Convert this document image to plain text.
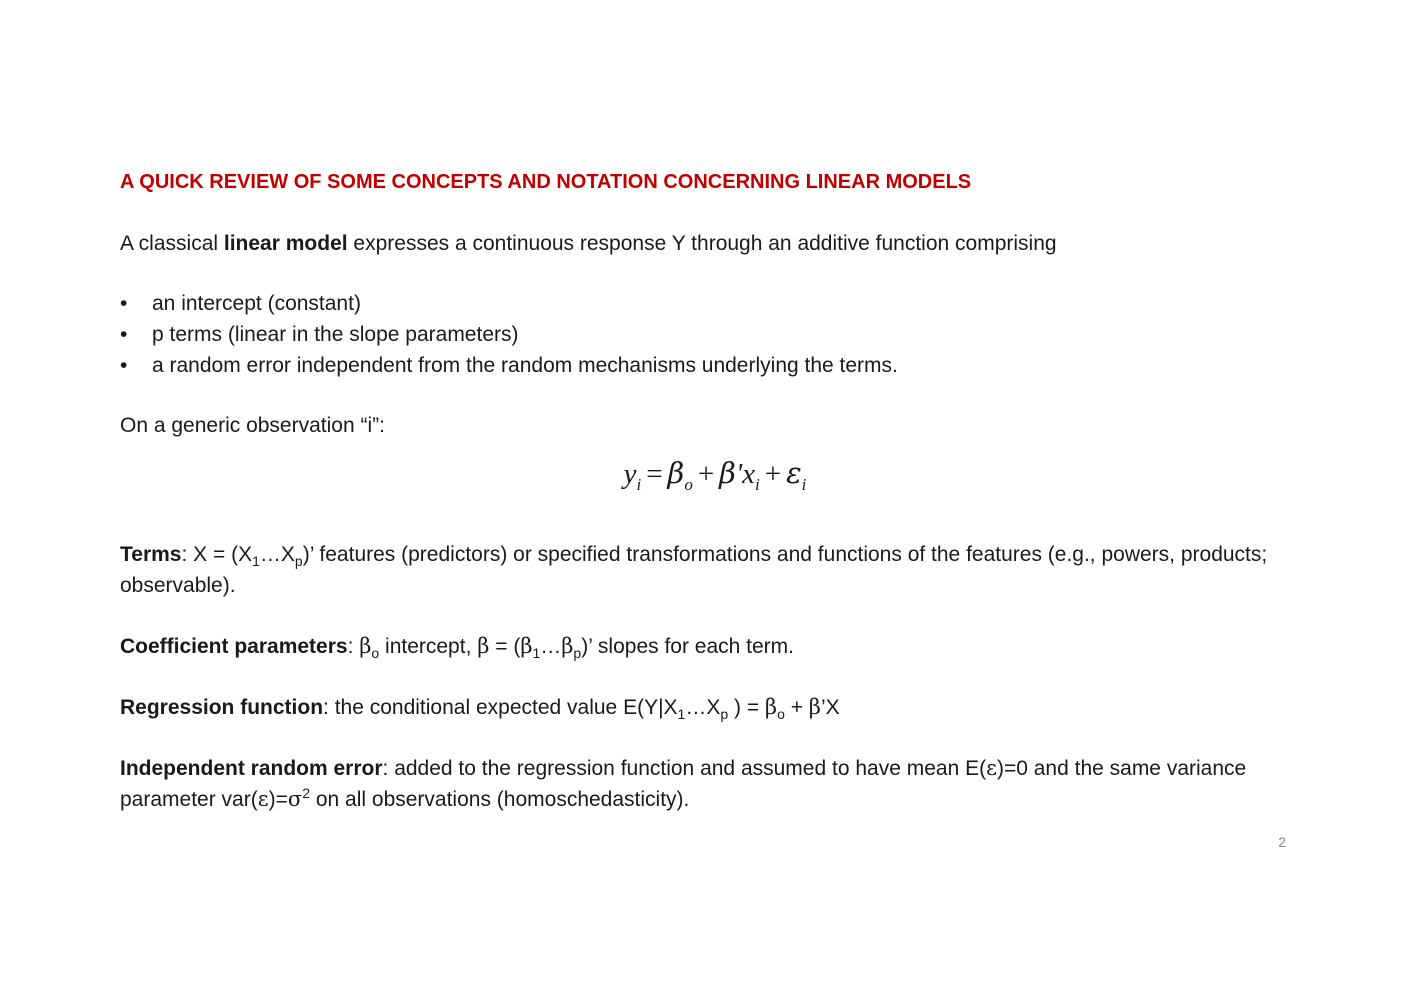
A QUICK REVIEW OF SOME CONCEPTS AND NOTATION CONCERNING LINEAR MODELS

A classical linear model expresses a continuous response Y through an additive function comprising

•	an intercept (constant)
•	p terms (linear in the slope parameters)
•	a random error independent from the random mechanisms underlying the terms.

On a generic observation “i”:

$y_i = \beta_o + \beta'x_i + \varepsilon_i$

Terms: $X = (X_1\dots X_p)$’ features (predictors) or specified transformations and functions of the features (e.g., powers, products; observable).

Coefficient parameters: $\beta_o$ intercept, $\beta = (\beta_1\dots\beta_p)$’ slopes for each term.

Regression function: the conditional expected value $E(Y|X_1\dots X_p$ ) = $\beta_o$ + β’X

Independent random error: added to the regression function and assumed to have mean E(ε)=0 and the same variance parameter $var(\varepsilon)=\sigma^2$ on all observations (homoschedasticity).

2
